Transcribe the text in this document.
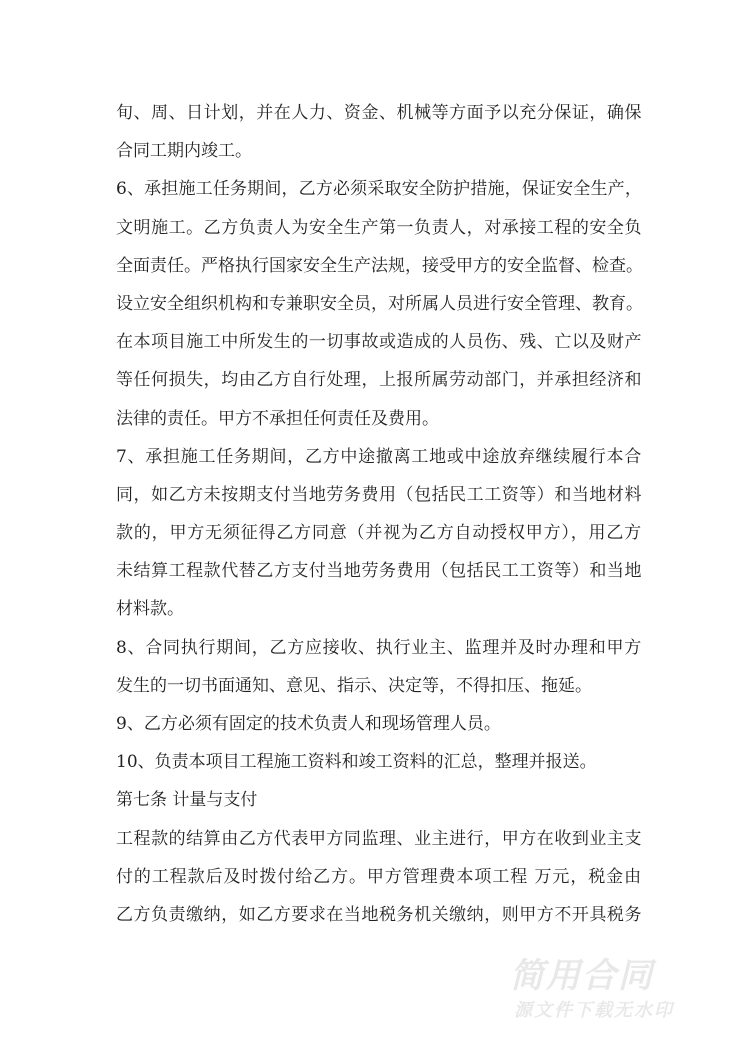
旬、周、日计划，并在人力、资金、机械等方面予以充分保证，确保
合同工期内竣工。
6、承担施工任务期间，乙方必须采取安全防护措施，保证安全生产，
文明施工。乙方负责人为安全生产第一负责人，对承接工程的安全负
全面责任。严格执行国家安全生产法规，接受甲方的安全监督、检查。
设立安全组织机构和专兼职安全员，对所属人员进行安全管理、教育。
在本项目施工中所发生的一切事故或造成的人员伤、残、亡以及财产
等任何损失，均由乙方自行处理，上报所属劳动部门，并承担经济和
法律的责任。甲方不承担任何责任及费用。
7、承担施工任务期间，乙方中途撤离工地或中途放弃继续履行本合
同，如乙方未按期支付当地劳务费用（包括民工工资等）和当地材料
款的，甲方无须征得乙方同意（并视为乙方自动授权甲方），用乙方
未结算工程款代替乙方支付当地劳务费用（包括民工工资等）和当地
材料款。
8、合同执行期间，乙方应接收、执行业主、监理并及时办理和甲方
发生的一切书面通知、意见、指示、决定等，不得扣压、拖延。
9、乙方必须有固定的技术负责人和现场管理人员。
10、负责本项目工程施工资料和竣工资料的汇总，整理并报送。
第七条 计量与支付
工程款的结算由乙方代表甲方同监理、业主进行，甲方在收到业主支
付的工程款后及时拨付给乙方。甲方管理费本项工程 万元，税金由
乙方负责缴纳，如乙方要求在当地税务机关缴纳，则甲方不开具税务
简用合同
源文件下载无水印
